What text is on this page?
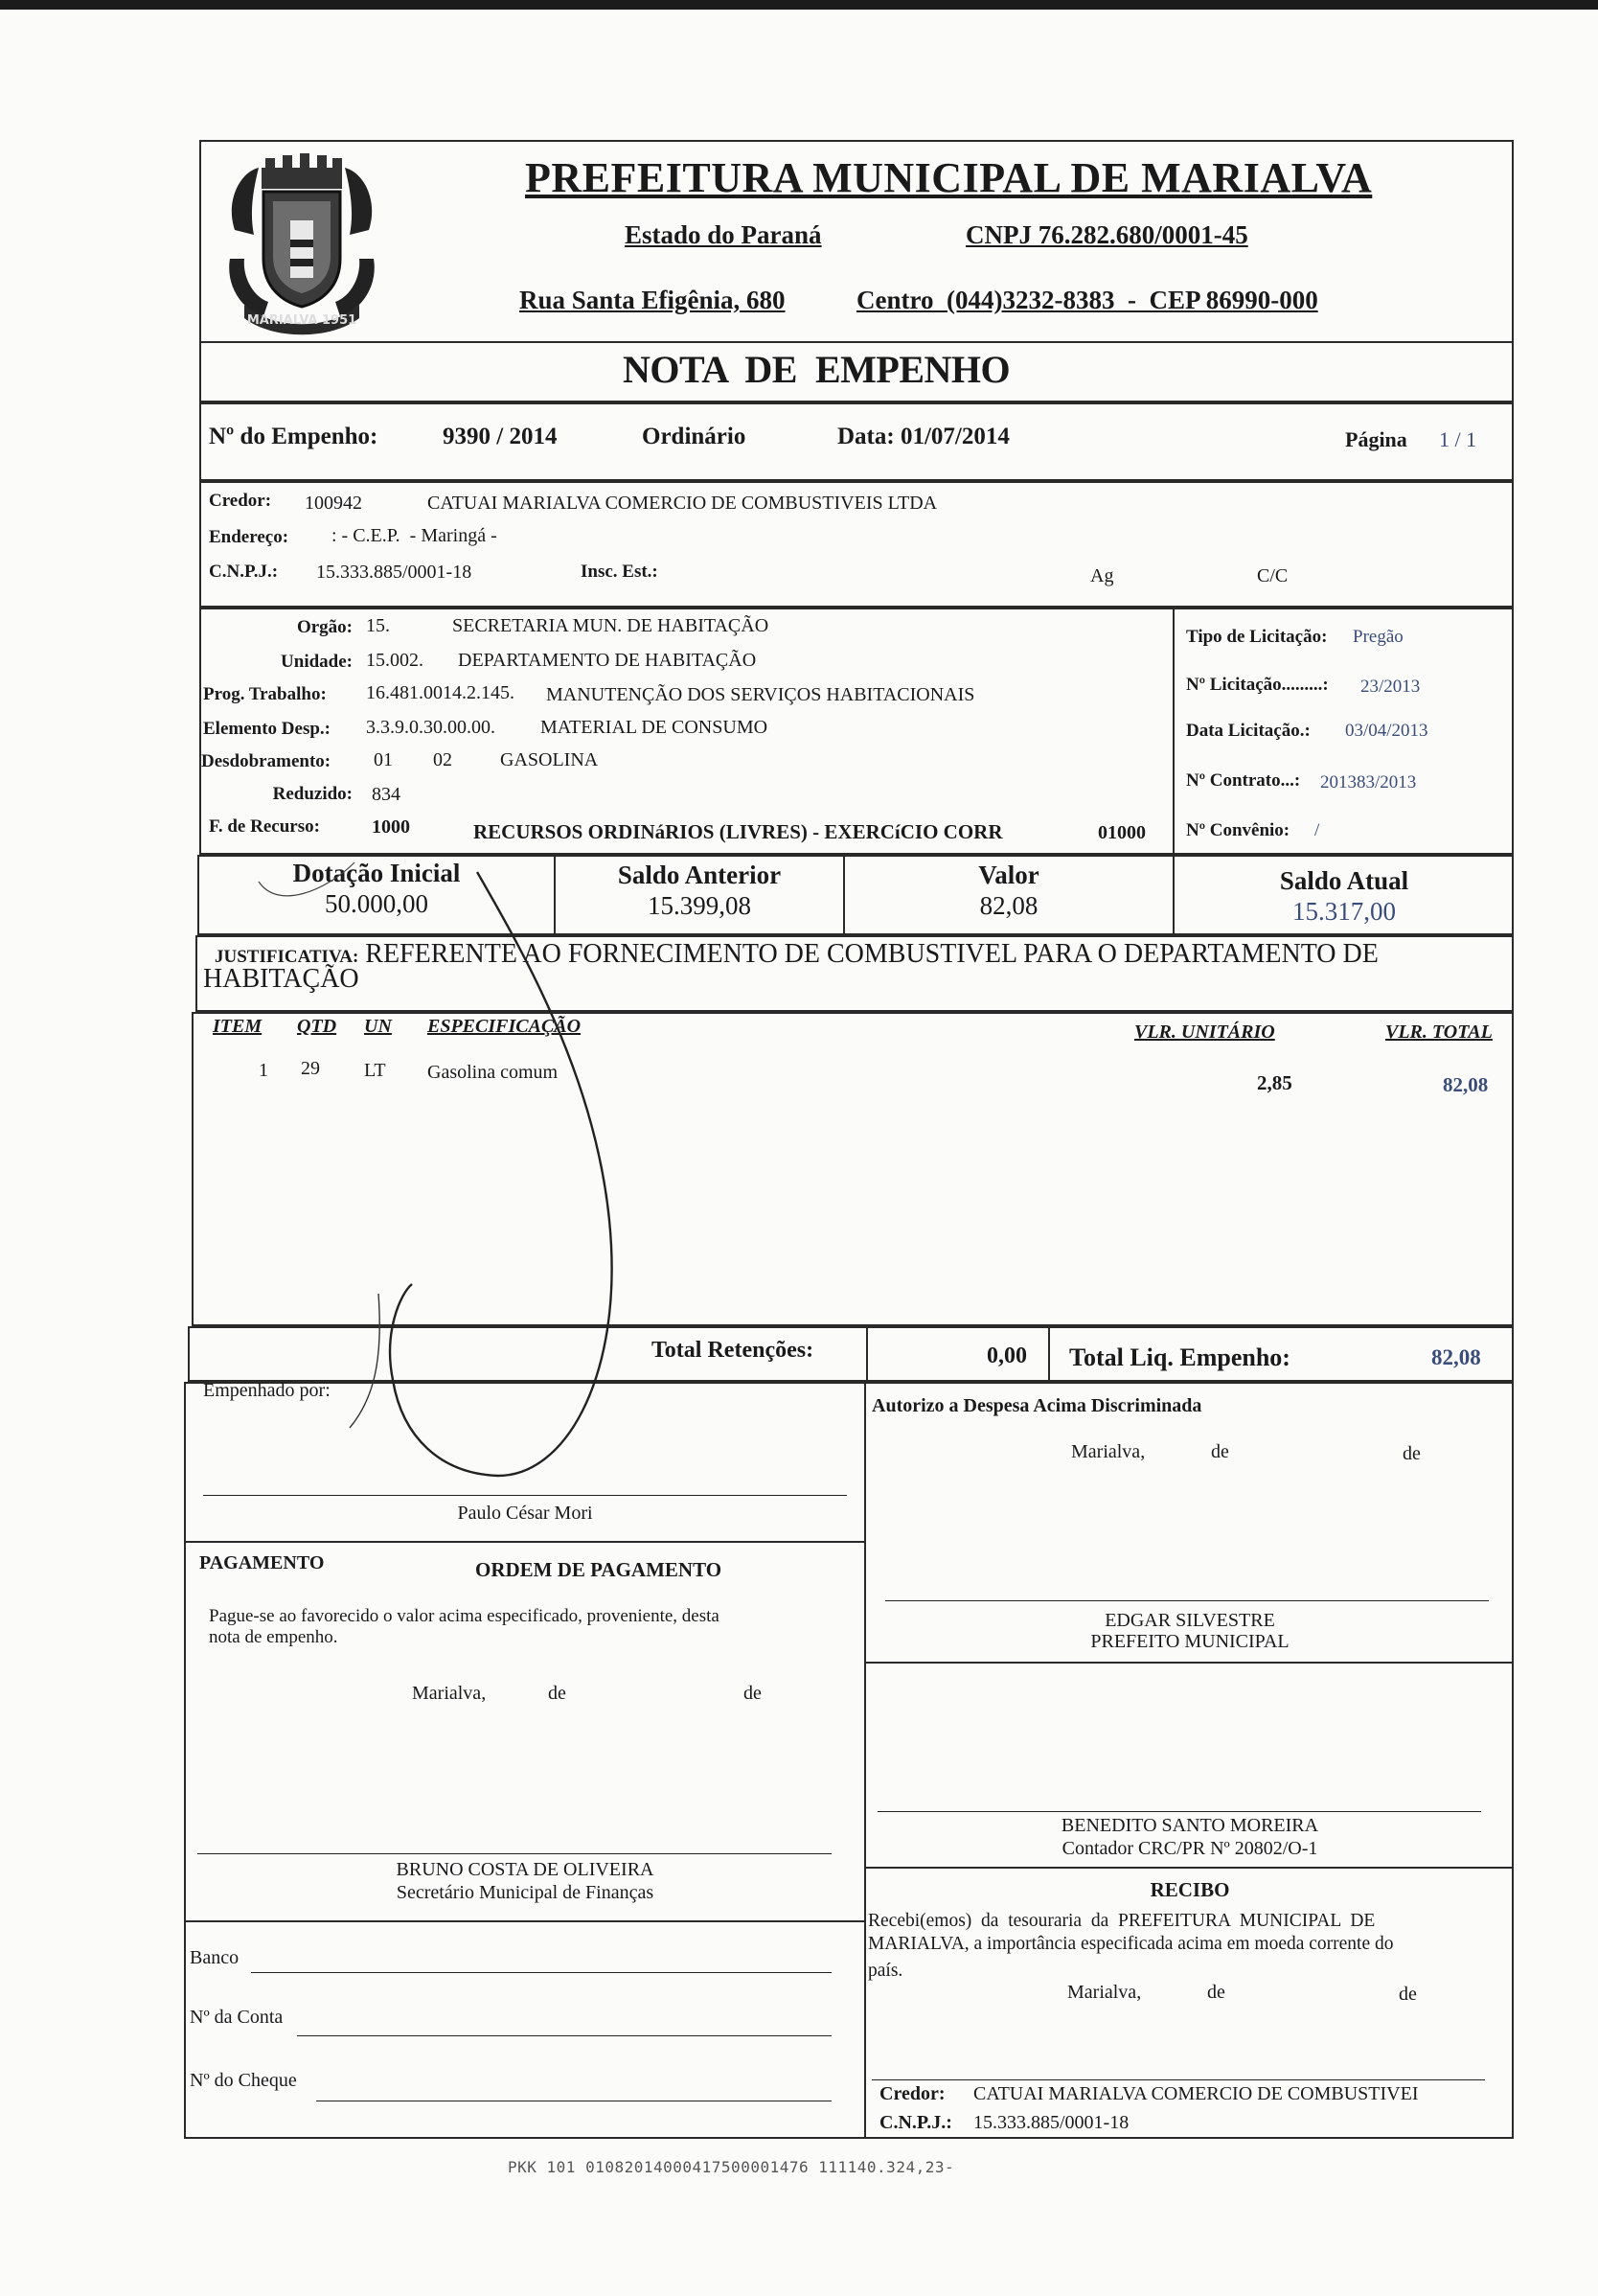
MARIALVA 1951
PREFEITURA MUNICIPAL DE MARIALVA
Estado do Paraná	CNPJ 76.282.680/0001-45
Rua Santa Efigênia, 680	Centro  (044)3232-8383  -  CEP 86990-000
NOTA  DE  EMPENHO
Nº do Empenho:	9390 / 2014	Ordinário	Data: 01/07/2014	Página 1 / 1
Credor: 100942	CATUAI MARIALVA COMERCIO DE COMBUSTIVEIS LTDA
Endereço: : - C.E.P.  - Maringá -
C.N.P.J.: 15.333.885/0001-18	Insc. Est.:	Ag	C/C
Orgão: 15.	SECRETARIA MUN. DE HABITAÇÃO
Unidade: 15.002. DEPARTAMENTO DE HABITAÇÃO
Prog. Trabalho: 16.481.0014.2.145. MANUTENÇÃO DOS SERVIÇOS HABITACIONAIS
Elemento Desp.: 3.3.9.0.30.00.00. MATERIAL DE CONSUMO
Desdobramento: 01 02	GASOLINA
Reduzido: 834
F. de Recurso:	1000	RECURSOS ORDINáRIOS (LIVRES) - EXERCíCIO CORR	01000
Tipo de Licitação: Pregão
Nº Licitação.........: 23/2013
Data Licitação.: 03/04/2013
Nº Contrato...: 201383/2013
Nº Convênio: /
Dotação Inicial
50.000,00
Saldo Anterior
15.399,08
Valor
82,08
Saldo Atual
15.317,00
JUSTIFICATIVA: REFERENTE AO FORNECIMENTO DE COMBUSTIVEL PARA O DEPARTAMENTO DE
HABITAÇÃO
ITEM QTD UN ESPECIFICAÇÃO	VLR. UNITÁRIO	VLR. TOTAL
1 29 LT Gasolina comum	2,85	82,08
Total Retenções:	0,00 Total Liq. Empenho:	82,08
Empenhado por:
Paulo César Mori
Autorizo a Despesa Acima Discriminada
Marialva,	de	de
EDGAR SILVESTRE
PREFEITO MUNICIPAL
PAGAMENTO	ORDEM DE PAGAMENTO
Pague-se ao favorecido o valor acima especificado, proveniente, desta
nota de empenho.
Marialva,	de	de
BRUNO COSTA DE OLIVEIRA
Secretário Municipal de Finanças
BENEDITO SANTO MOREIRA
Contador CRC/PR Nº 20802/O-1
Banco
Nº da Conta
Nº do Cheque
RECIBO
Recebi(emos)  da  tesouraria  da  PREFEITURA  MUNICIPAL  DE
MARIALVA, a importância especificada acima em moeda corrente do
país.
Marialva,	de	de
Credor: CATUAI MARIALVA COMERCIO DE COMBUSTIVEI
C.N.P.J.: 15.333.885/0001-18
PKK 101 01082014000417500001476 111140.324,23-
